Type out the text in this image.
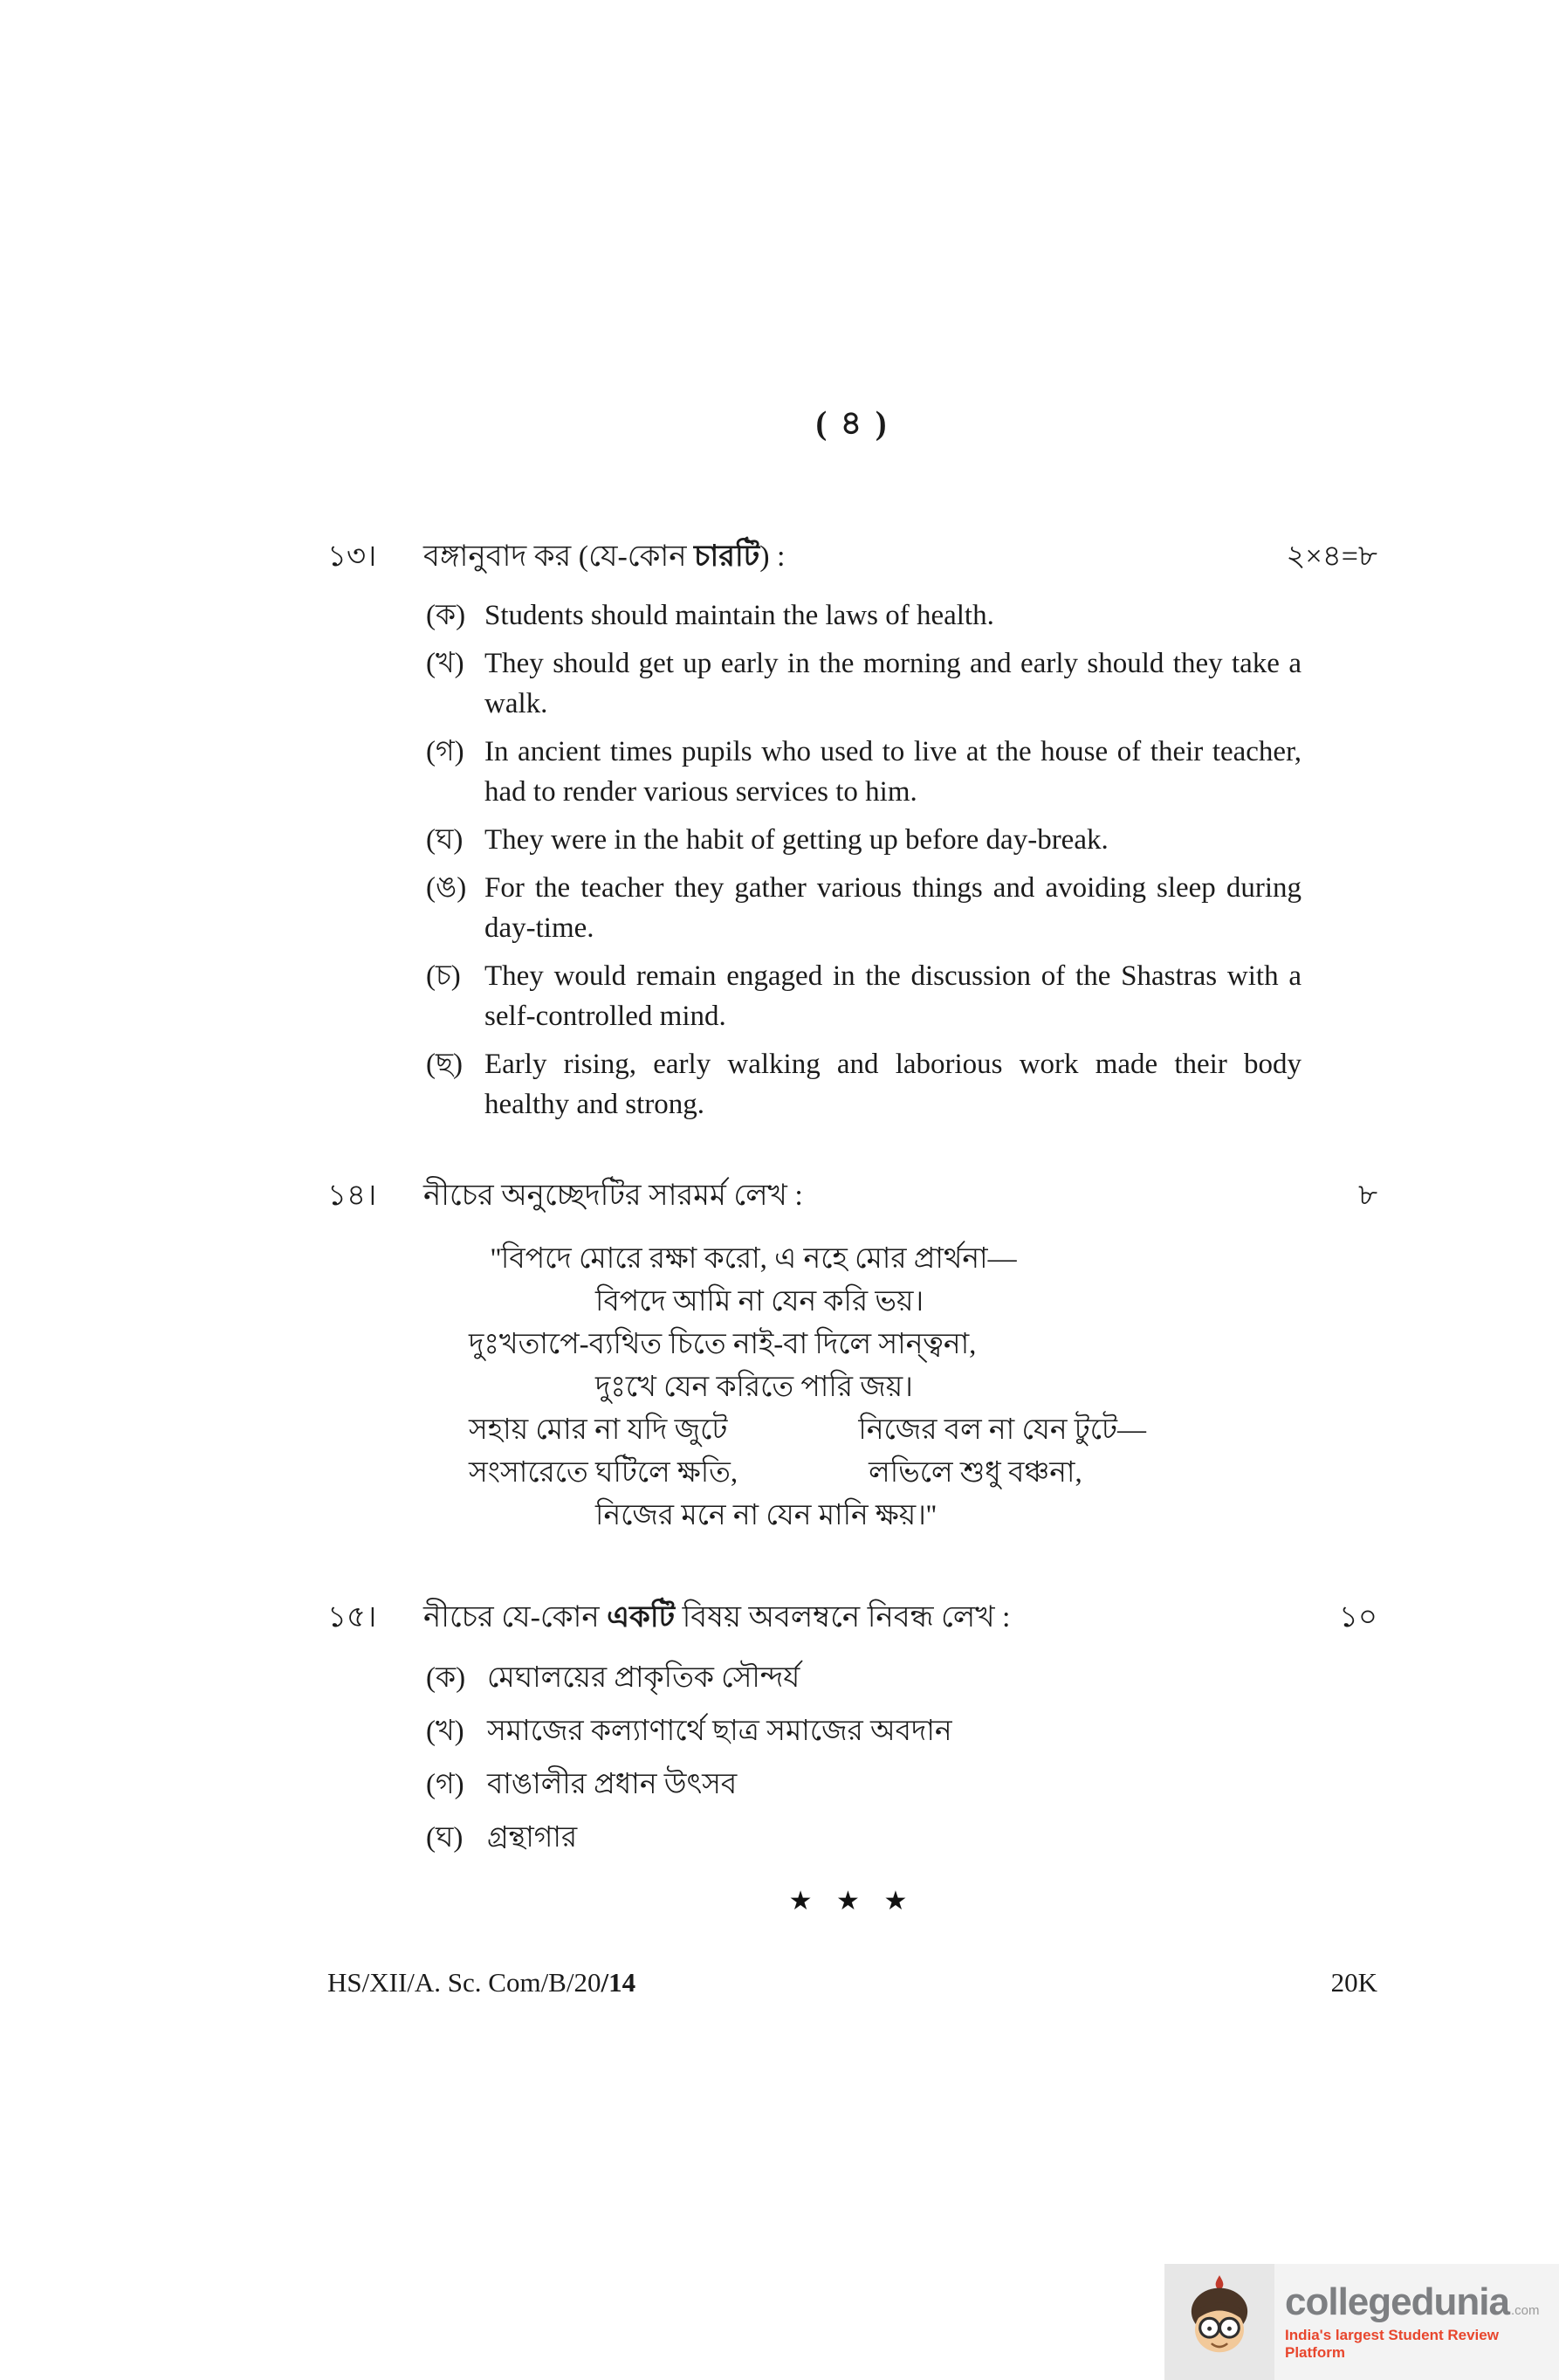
( ৪ )
১৩।	বঙ্গানুবাদ কর (যে-কোন চারটি) :	২×৪=৮
(ক) Students should maintain the laws of health.
(খ) They should get up early in the morning and early should they take a walk.
(গ) In ancient times pupils who used to live at the house of their teacher, had to render various services to him.
(ঘ) They were in the habit of getting up before day-break.
(ঙ) For the teacher they gather various things and avoiding sleep during day-time.
(চ) They would remain engaged in the discussion of the Shastras with a self-controlled mind.
(ছ) Early rising, early walking and laborious work made their body healthy and strong.
১৪।	নীচের অনুচ্ছেদটির সারমর্ম লেখ :	৮
''বিপদে মোরে রক্ষা করো, এ নহে মোর প্রার্থনা—
বিপদে আমি না যেন করি ভয়।
দুঃখতাপে-ব্যথিত চিতে নাই-বা দিলে সান্ত্বনা,
দুঃখে যেন করিতে পারি জয়।
সহায় মোর না যদি জুটে	নিজের বল না যেন টুটে—
সংসারেতে ঘটিলে ক্ষতি,	লভিলে শুধু বঞ্চনা,
নিজের মনে না যেন মানি ক্ষয়।''
১৫।	নীচের যে-কোন একটি বিষয় অবলম্বনে নিবন্ধ লেখ :	১০
(ক) মেঘালয়ের প্রাকৃতিক সৌন্দর্য
(খ) সমাজের কল্যাণার্থে ছাত্র সমাজের অবদান
(গ) বাঙালীর প্রধান উৎসব
(ঘ) গ্রন্থাগার
★ ★ ★
HS/XII/A. Sc. Com/B/20/14	20K
collegedunia .com
India's largest Student Review Platform
